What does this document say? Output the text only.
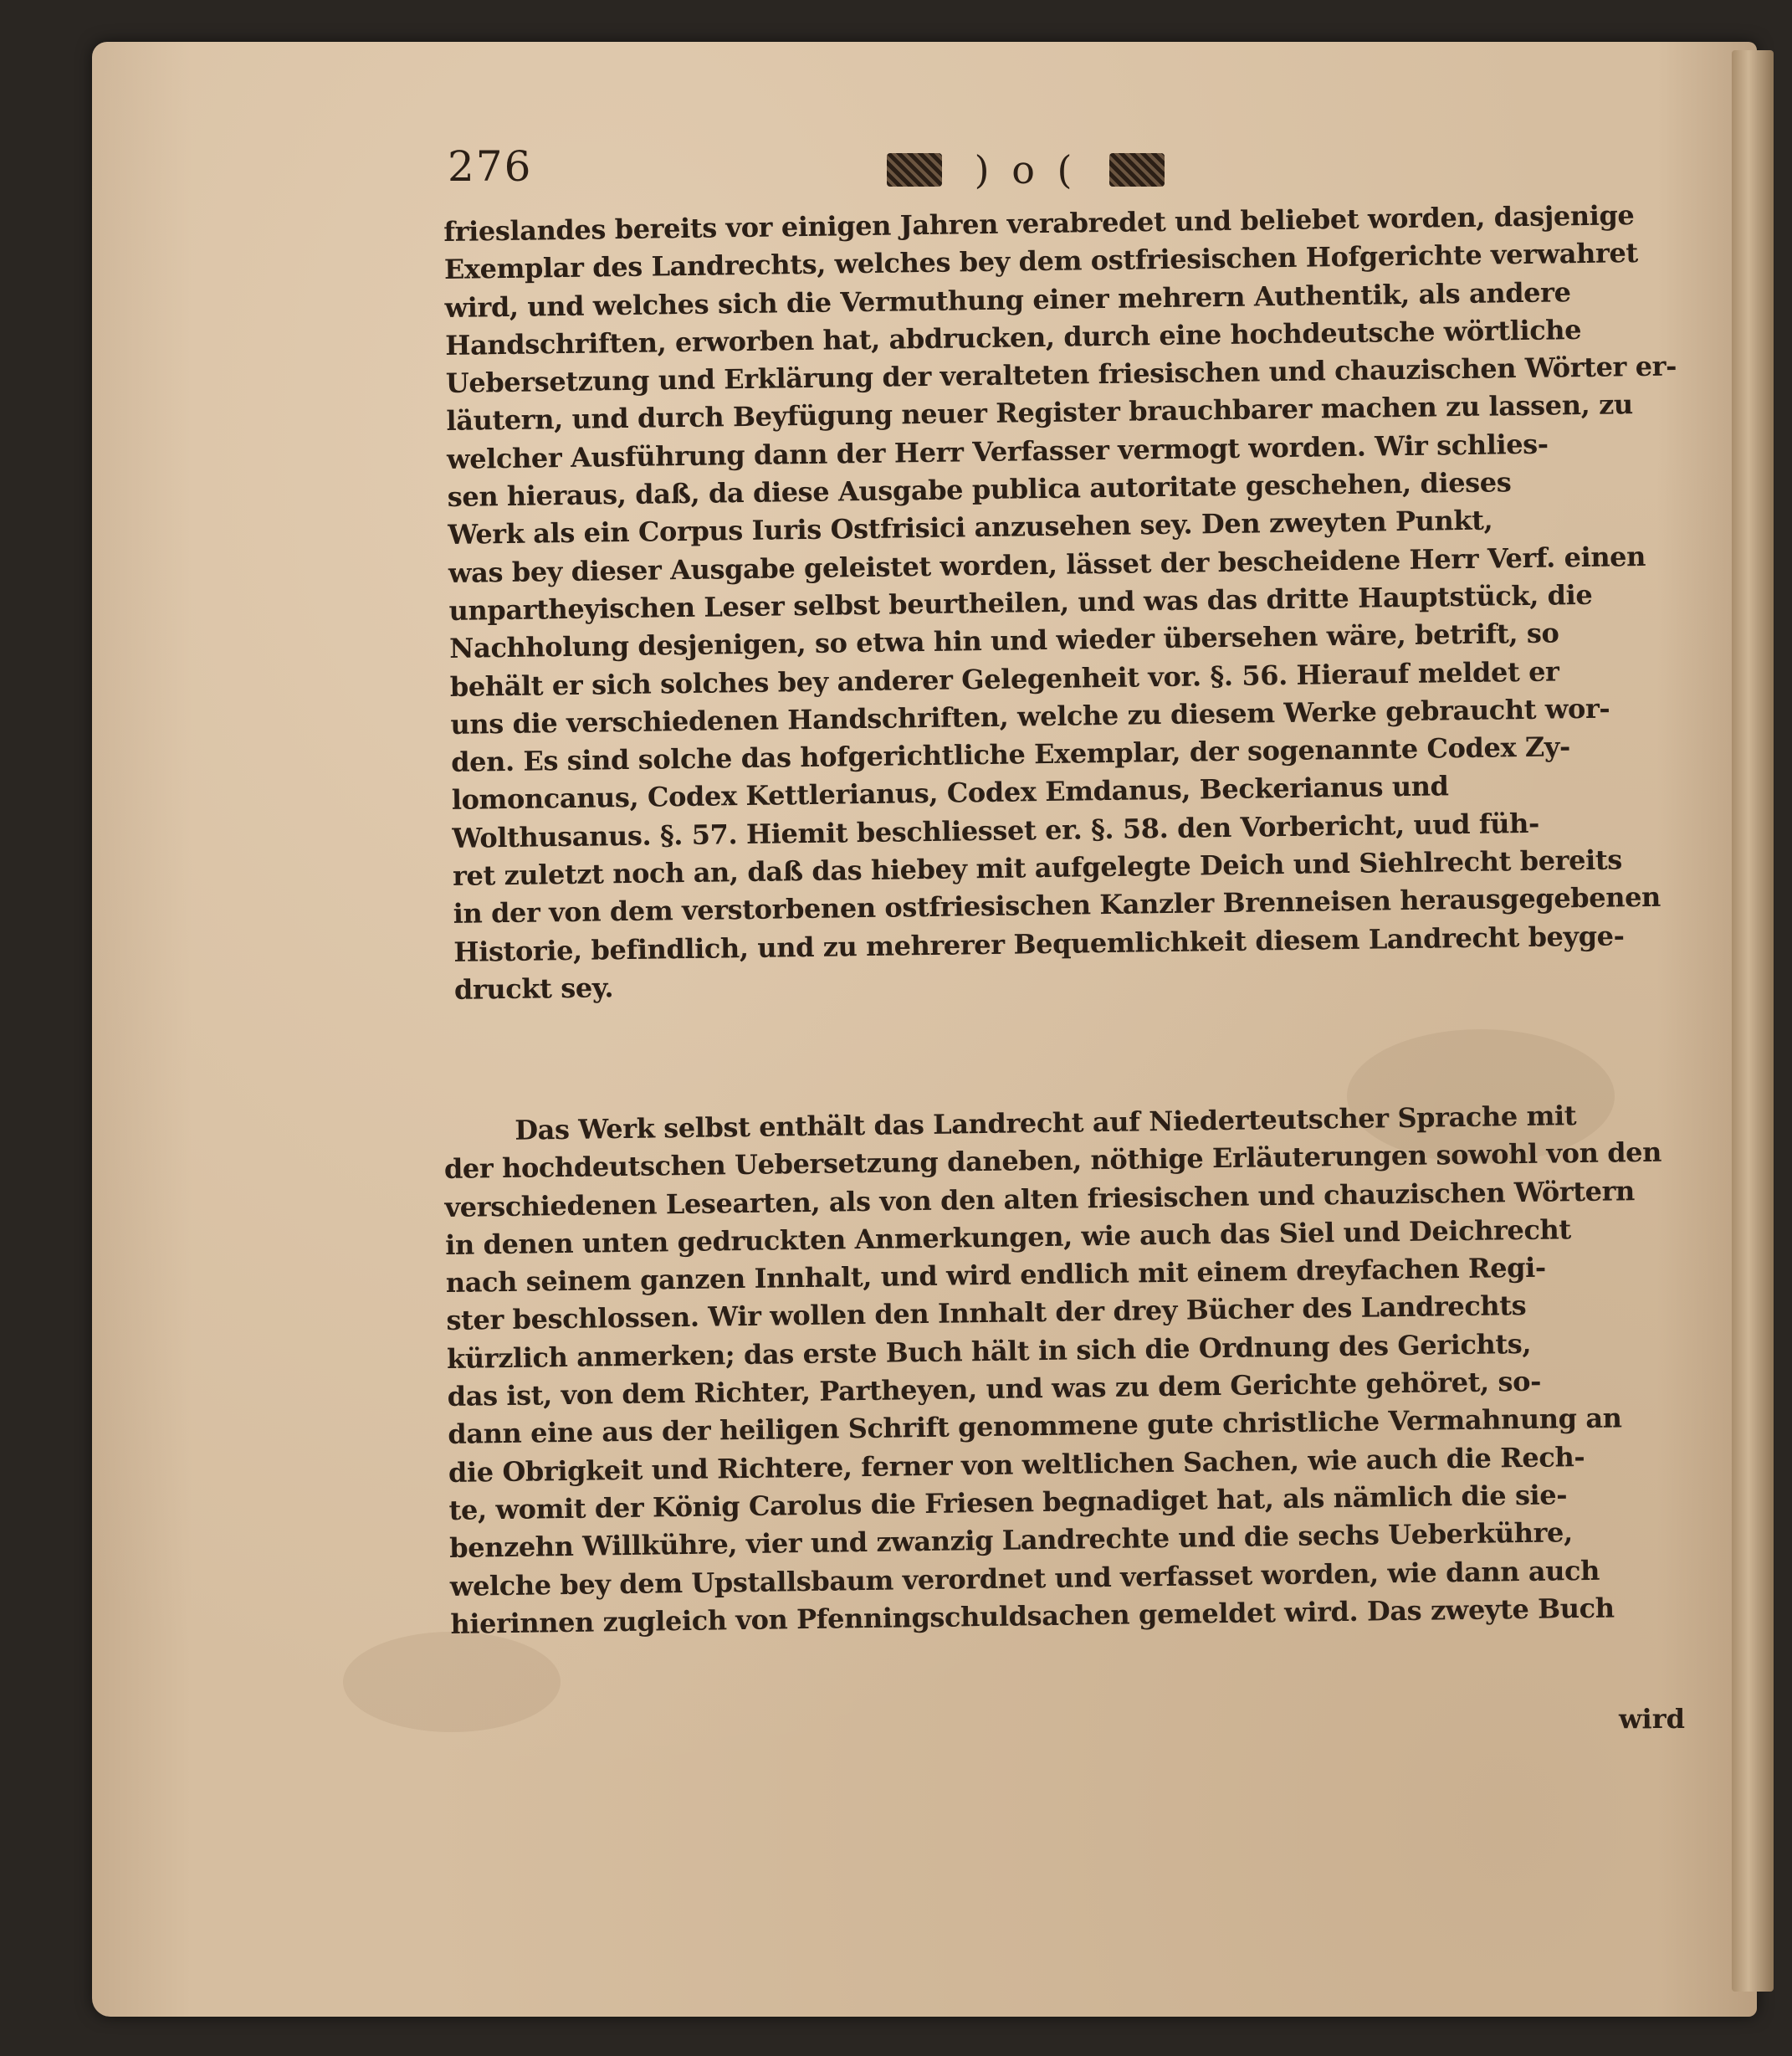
276	) o (
frieslandes bereits vor einigen Jahren verabredet und beliebet worden, dasjenige
Exemplar des Landrechts, welches bey dem ostfriesischen Hofgerichte verwahret
wird, und welches sich die Vermuthung einer mehrern Authentik, als andere
Handschriften, erworben hat, abdrucken, durch eine hochdeutsche wörtliche
Uebersetzung und Erklärung der veralteten friesischen und chauzischen Wörter er-
läutern, und durch Beyfügung neuer Register brauchbarer machen zu lassen, zu
welcher Ausführung dann der Herr Verfasser vermogt worden. Wir schlies-
sen hieraus, daß, da diese Ausgabe publica autoritate geschehen, dieses
Werk als ein Corpus Iuris Ostfrisici anzusehen sey. Den zweyten Punkt,
was bey dieser Ausgabe geleistet worden, lässet der bescheidene Herr Verf. einen
unpartheyischen Leser selbst beurtheilen, und was das dritte Hauptstück, die
Nachholung desjenigen, so etwa hin und wieder übersehen wäre, betrift, so
behält er sich solches bey anderer Gelegenheit vor. §. 56. Hierauf meldet er
uns die verschiedenen Handschriften, welche zu diesem Werke gebraucht wor-
den. Es sind solche das hofgerichtliche Exemplar, der sogenannte Codex Zy-
lomoncanus, Codex Kettlerianus, Codex Emdanus, Beckerianus und
Wolthusanus. §. 57. Hiemit beschliesset er. §. 58. den Vorbericht, uud füh-
ret zuletzt noch an, daß das hiebey mit aufgelegte Deich und Siehlrecht bereits
in der von dem verstorbenen ostfriesischen Kanzler Brenneisen herausgegebenen
Historie, befindlich, und zu mehrerer Bequemlichkeit diesem Landrecht beyge-
druckt sey.
Das Werk selbst enthält das Landrecht auf Niederteutscher Sprache mit
der hochdeutschen Uebersetzung daneben, nöthige Erläuterungen sowohl von den
verschiedenen Lesearten, als von den alten friesischen und chauzischen Wörtern
in denen unten gedruckten Anmerkungen, wie auch das Siel und Deichrecht
nach seinem ganzen Innhalt, und wird endlich mit einem dreyfachen Regi-
ster beschlossen. Wir wollen den Innhalt der drey Bücher des Landrechts
kürzlich anmerken; das erste Buch hält in sich die Ordnung des Gerichts,
das ist, von dem Richter, Partheyen, und was zu dem Gerichte gehöret, so-
dann eine aus der heiligen Schrift genommene gute christliche Vermahnung an
die Obrigkeit und Richtere, ferner von weltlichen Sachen, wie auch die Rech-
te, womit der König Carolus die Friesen begnadiget hat, als nämlich die sie-
benzehn Willkühre, vier und zwanzig Landrechte und die sechs Ueberkühre,
welche bey dem Upstallsbaum verordnet und verfasset worden, wie dann auch
hierinnen zugleich von Pfenningschuldsachen gemeldet wird. Das zweyte Buch
wird
